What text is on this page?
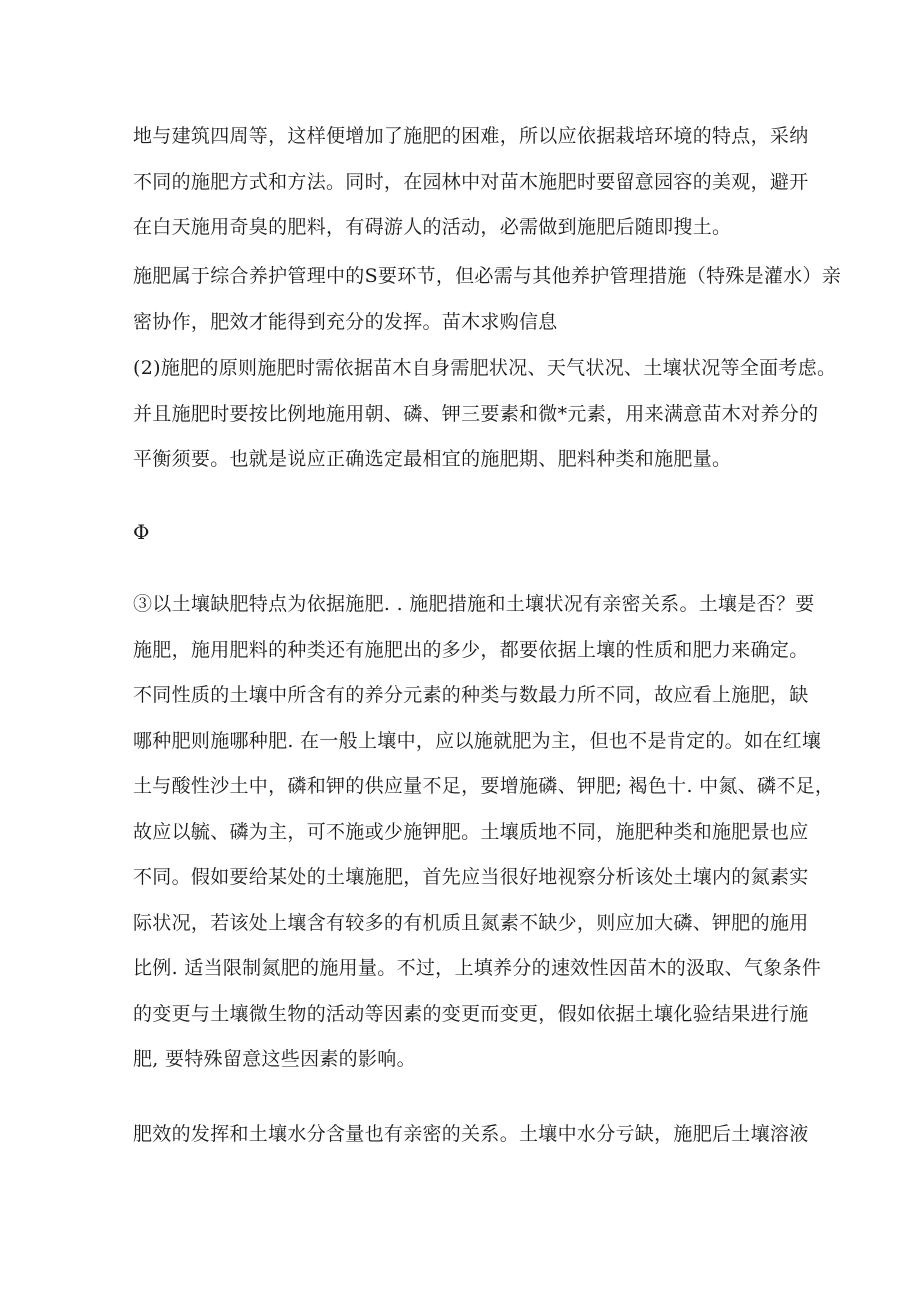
地与建筑四周等，这样便增加了施肥的困难，所以应依据栽培环境的特点，采纳
不同的施肥方式和方法。同时，在园林中对苗木施肥时要留意园容的美观，避开
在白天施用奇臭的肥料，有碍游人的活动，必需做到施肥后随即搜土。
施肥属于综合养护管理中的S要环节，但必需与其他养护管理措施（特殊是灌水）亲
密协作，肥效才能得到充分的发挥。苗木求购信息
(2)施肥的原则施肥时需依据苗木自身需肥状况、天气状况、土壤状况等全面考虑。
并且施肥时要按比例地施用朝、磷、钾三要素和微*元素，用来满意苗木对养分的
平衡须要。也就是说应正确选定最相宜的施肥期、肥料种类和施肥量。
Φ
③以土壤缺肥特点为依据施肥. . 施肥措施和土壤状况有亲密关系。土壤是否？要
施肥，施用肥料的种类还有施肥出的多少，都要依据上壤的性质和肥力来确定。
不同性质的土壤中所含有的养分元素的种类与数最力所不同，故应看上施肥，缺
哪种肥则施哪种肥. 在一般上壤中，应以施就肥为主，但也不是肯定的。如在红壤
土与酸性沙土中，磷和钾的供应量不足，要增施磷、钾肥; 褐色十. 中氮、磷不足，
故应以毓、磷为主，可不施或少施钾肥。土壤质地不同，施肥种类和施肥景也应
不同。假如要给某处的土壤施肥，首先应当很好地视察分析该处土壤内的氮素实
际状况，若该处上壤含有较多的有机质且氮素不缺少，则应加大磷、钾肥的施用
比例. 适当限制氮肥的施用量。不过，上填养分的速效性因苗木的汲取、气象条件
的变更与土壤微生物的活动等因素的变更而变更，假如依据土壤化验结果进行施
肥, 要特殊留意这些因素的影响。
肥效的发挥和土壤水分含量也有亲密的关系。土壤中水分亏缺，施肥后土壤溶液
